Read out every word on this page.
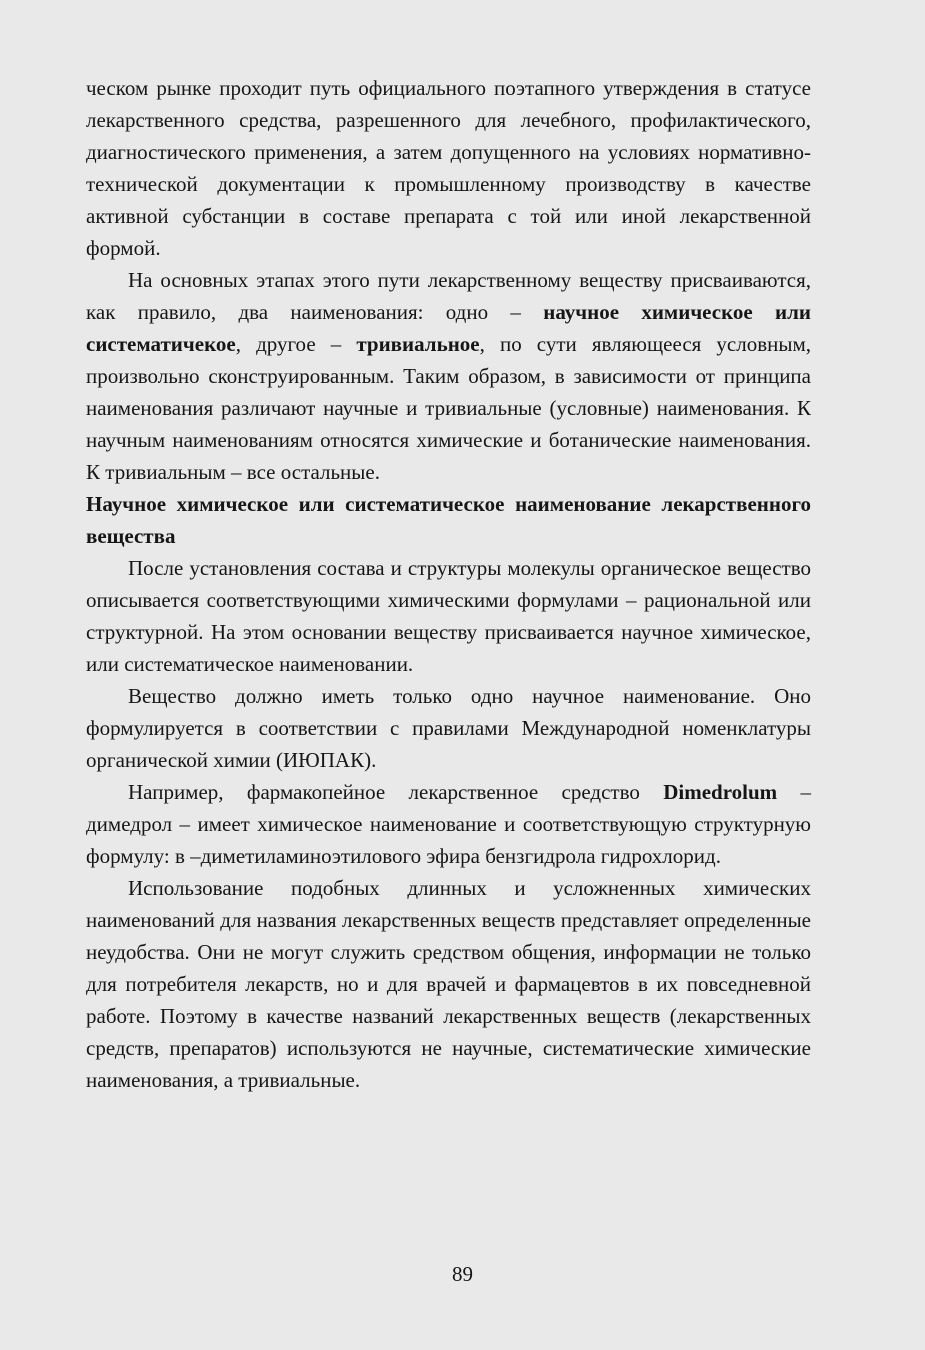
ческом рынке проходит путь официального поэтапного утверждения в статусе лекарственного средства, разрешенного для лечебного, профилактического, диагностического применения, а затем допущенного на условиях нормативно-технической документации к промышленному производству в качестве активной субстанции в составе препарата с той или иной лекарственной формой.

На основных этапах этого пути лекарственному веществу присваиваются, как правило, два наименования: одно – научное химическое или систематичекое, другое – тривиальное, по сути являющееся условным, произвольно сконструированным. Таким образом, в зависимости от принципа наименования различают научные и тривиальные (условные) наименования. К научным наименованиям относятся химические и ботанические наименования. К тривиальным – все остальные.

Научное химическое или систематическое наименование лекарственного вещества

После установления состава и структуры молекулы органическое вещество описывается соответствующими химическими формулами – рациональной или структурной. На этом основании веществу присваивается научное химическое, или систематическое наименовании.

Вещество должно иметь только одно научное наименование. Оно формулируется в соответствии с правилами Международной номенклатуры органической химии (ИЮПАК).

Например, фармакопейное лекарственное средство Dimedrolum – димедрол – имеет химическое наименование и соответствующую структурную формулу: в –диметиламиноэтилового эфира бензгидрола гидрохлорид.

Использование подобных длинных и усложненных химических наименований для названия лекарственных веществ представляет определенные неудобства. Они не могут служить средством общения, информации не только для потребителя лекарств, но и для врачей и фармацевтов в их повседневной работе. Поэтому в качестве названий лекарственных веществ (лекарственных средств, препаратов) используются не научные, систематические химические наименования, а тривиальные.

89
